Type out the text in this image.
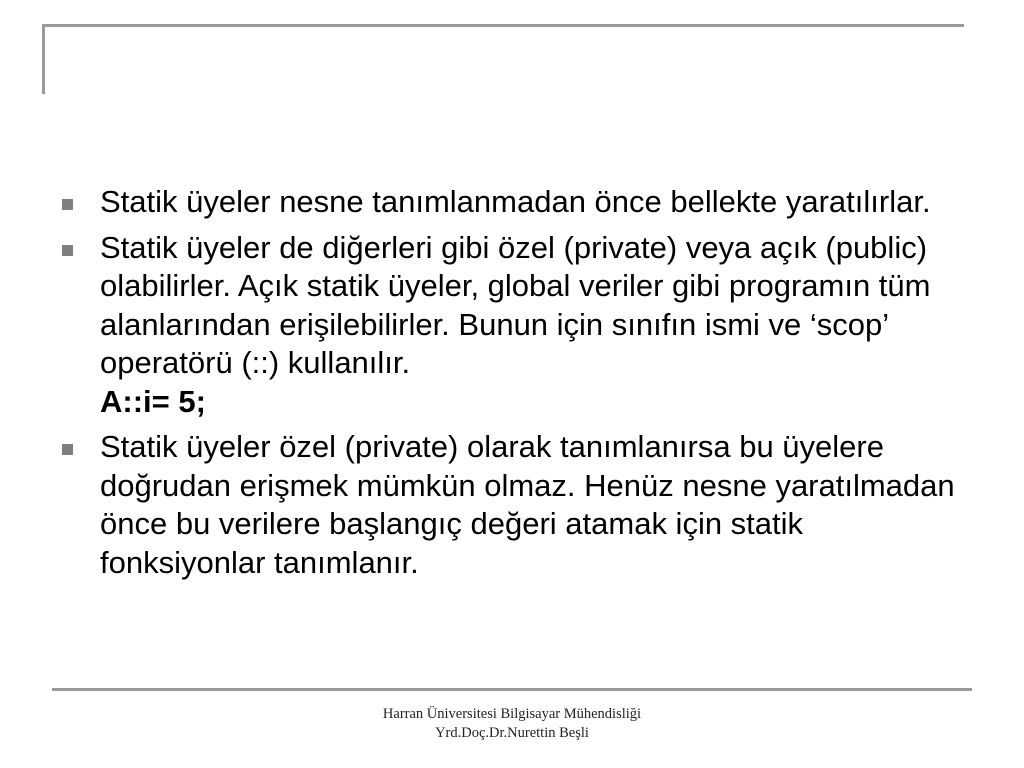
Statik üyeler nesne tanımlanmadan önce bellekte yaratılırlar.
Statik üyeler de diğerleri gibi özel (private) veya açık (public) olabilirler. Açık statik üyeler, global veriler gibi programın tüm alanlarından erişilebilirler. Bunun için sınıfın ismi ve ‘scop’ operatörü (::) kullanılır.
A::i= 5;
Statik üyeler özel (private) olarak tanımlanırsa bu üyelere doğrudan erişmek mümkün olmaz. Henüz nesne yaratılmadan önce bu verilere başlangıç değeri atamak için statik fonksiyonlar tanımlanır.
Harran Üniversitesi Bilgisayar Mühendisliği
Yrd.Doç.Dr.Nurettin Beşli
